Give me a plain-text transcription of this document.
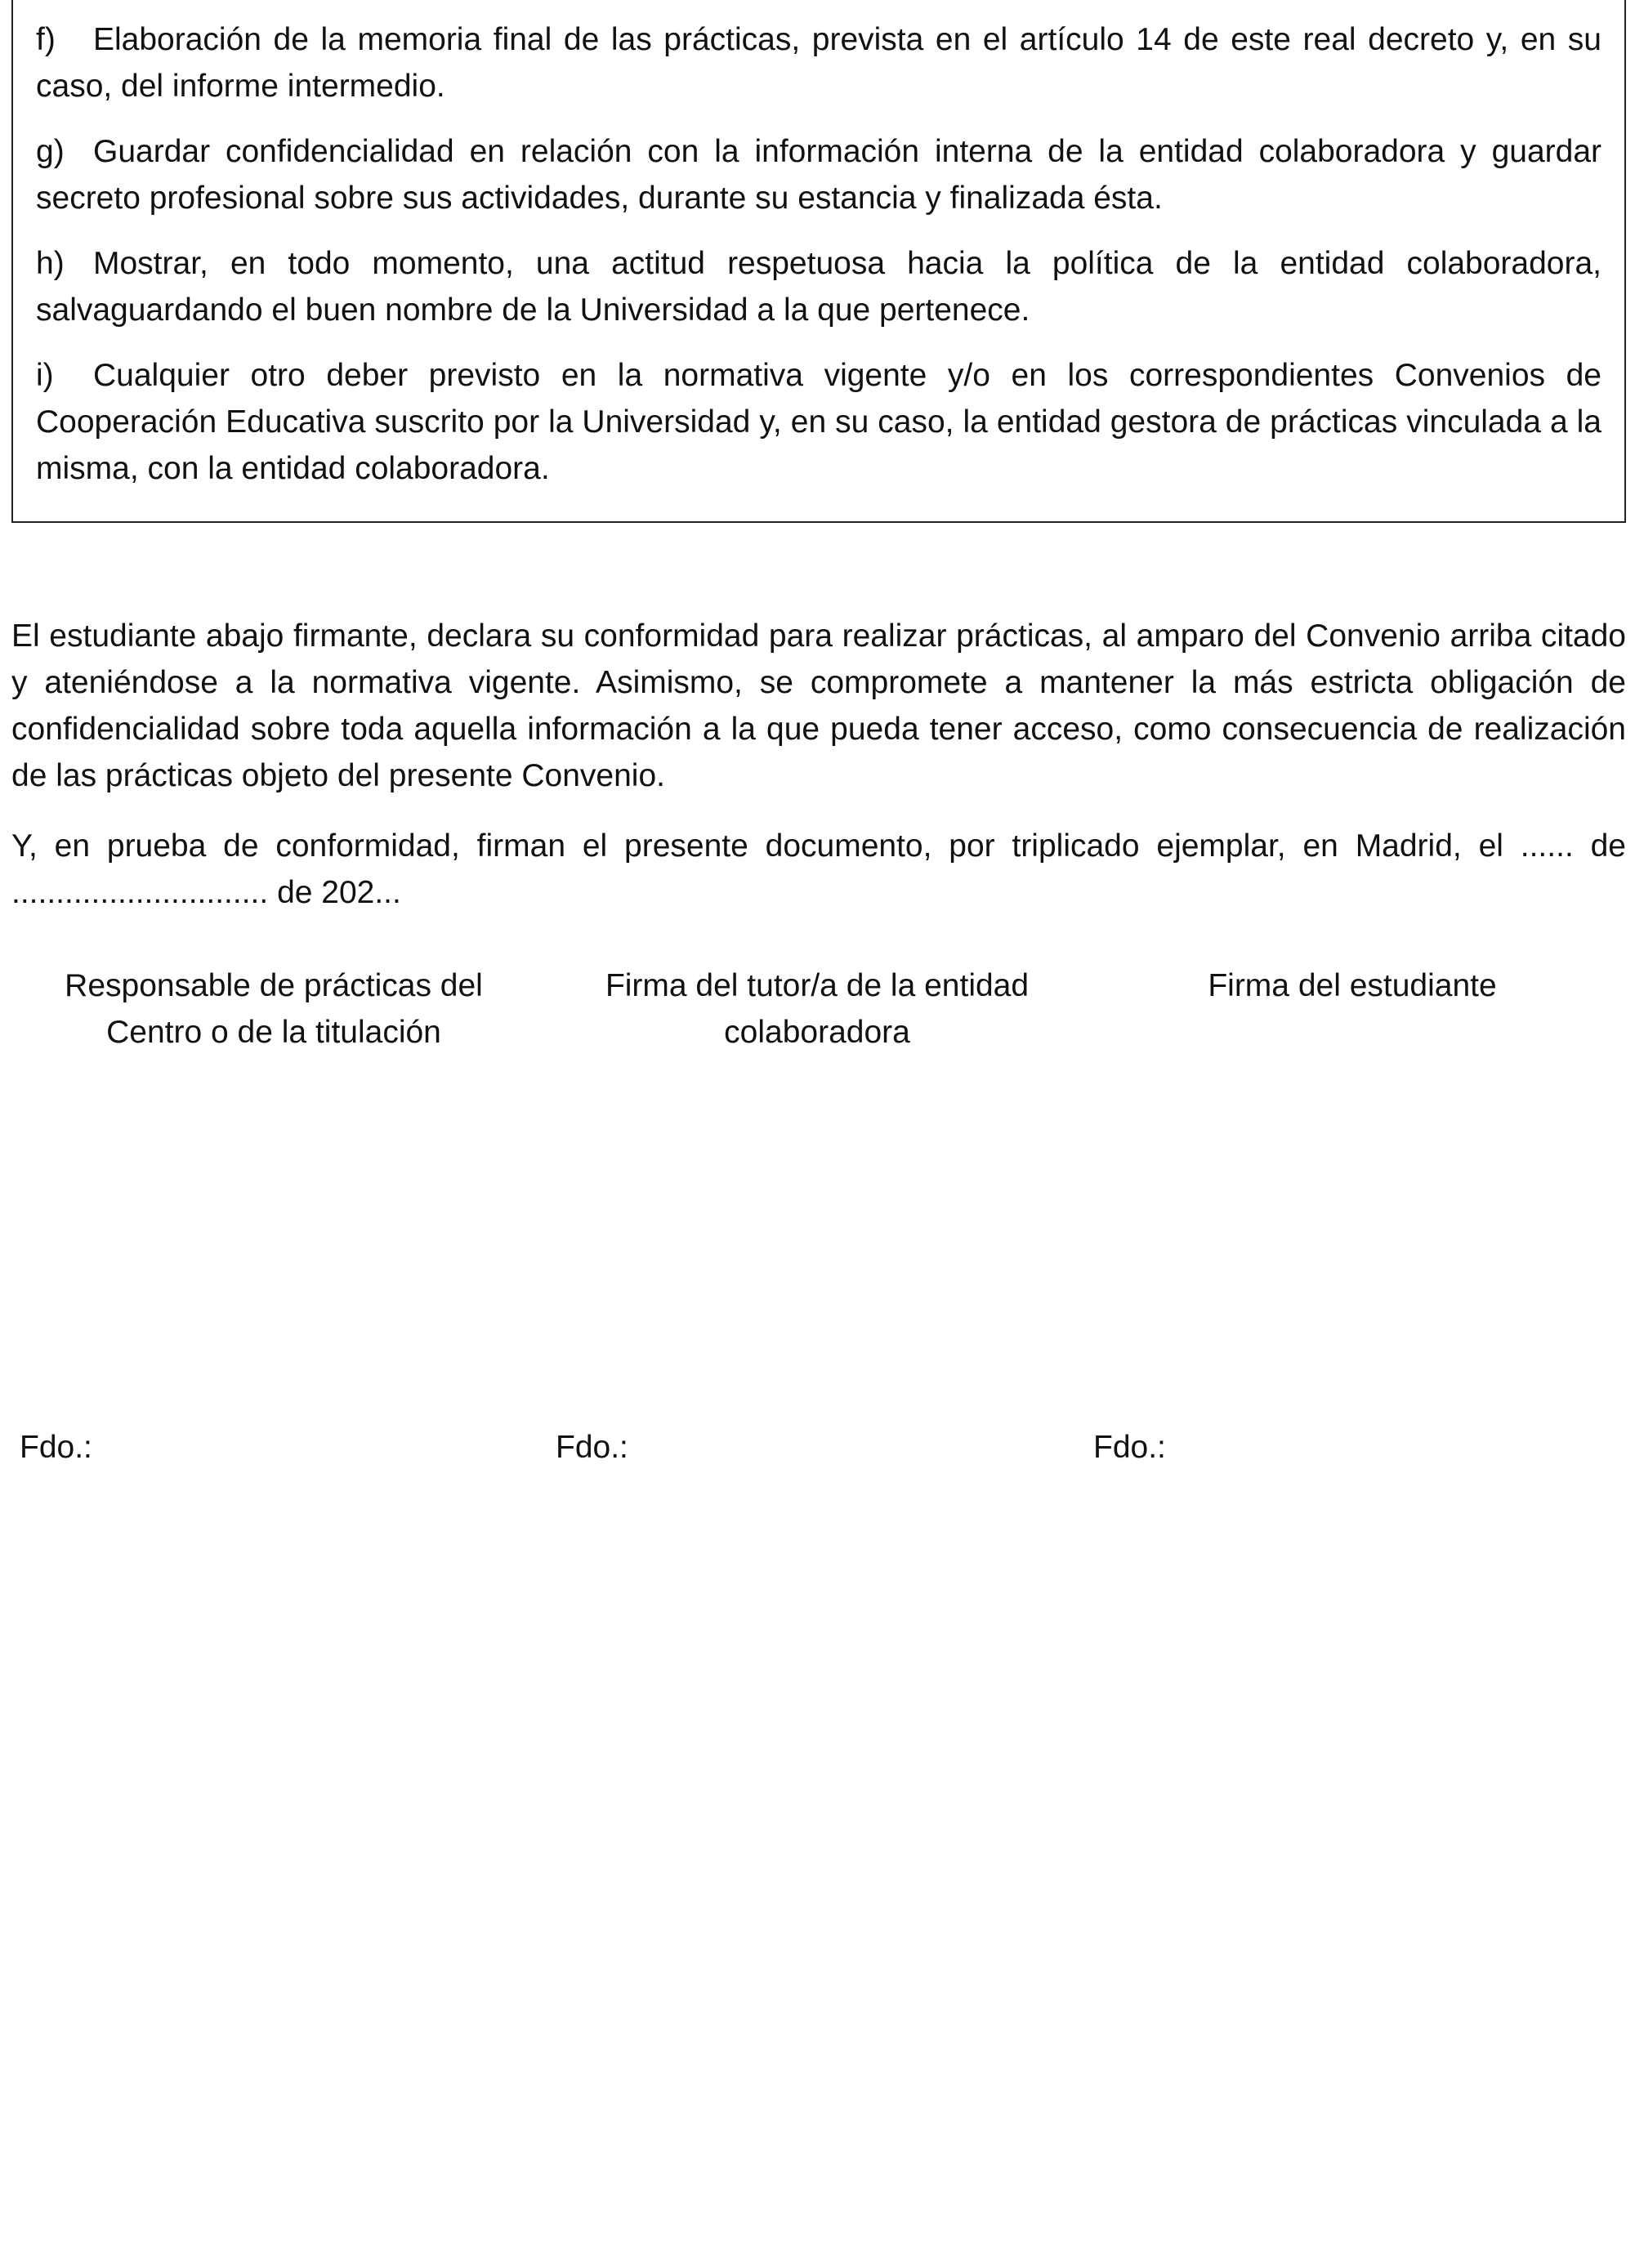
f) Elaboración de la memoria final de las prácticas, prevista en el artículo 14 de este real decreto y, en su caso, del informe intermedio.

g) Guardar confidencialidad en relación con la información interna de la entidad colaboradora y guardar secreto profesional sobre sus actividades, durante su estancia y finalizada ésta.

h) Mostrar, en todo momento, una actitud respetuosa hacia la política de la entidad colaboradora, salvaguardando el buen nombre de la Universidad a la que pertenece.

i) Cualquier otro deber previsto en la normativa vigente y/o en los correspondientes Convenios de Cooperación Educativa suscrito por la Universidad y, en su caso, la entidad gestora de prácticas vinculada a la misma, con la entidad colaboradora.

El estudiante abajo firmante, declara su conformidad para realizar prácticas, al amparo del Convenio arriba citado y ateniéndose a la normativa vigente. Asimismo, se compromete a mantener la más estricta obligación de confidencialidad sobre toda aquella información a la que pueda tener acceso, como consecuencia de realización de las prácticas objeto del presente Convenio.

Y, en prueba de conformidad, firman el presente documento, por triplicado ejemplar, en Madrid, el ...... de ............................. de 202...

Responsable de prácticas del
Centro o de la titulación
Firma del tutor/a de la entidad
colaboradora
Firma del estudiante
Fdo.:	Fdo.:	Fdo.:
